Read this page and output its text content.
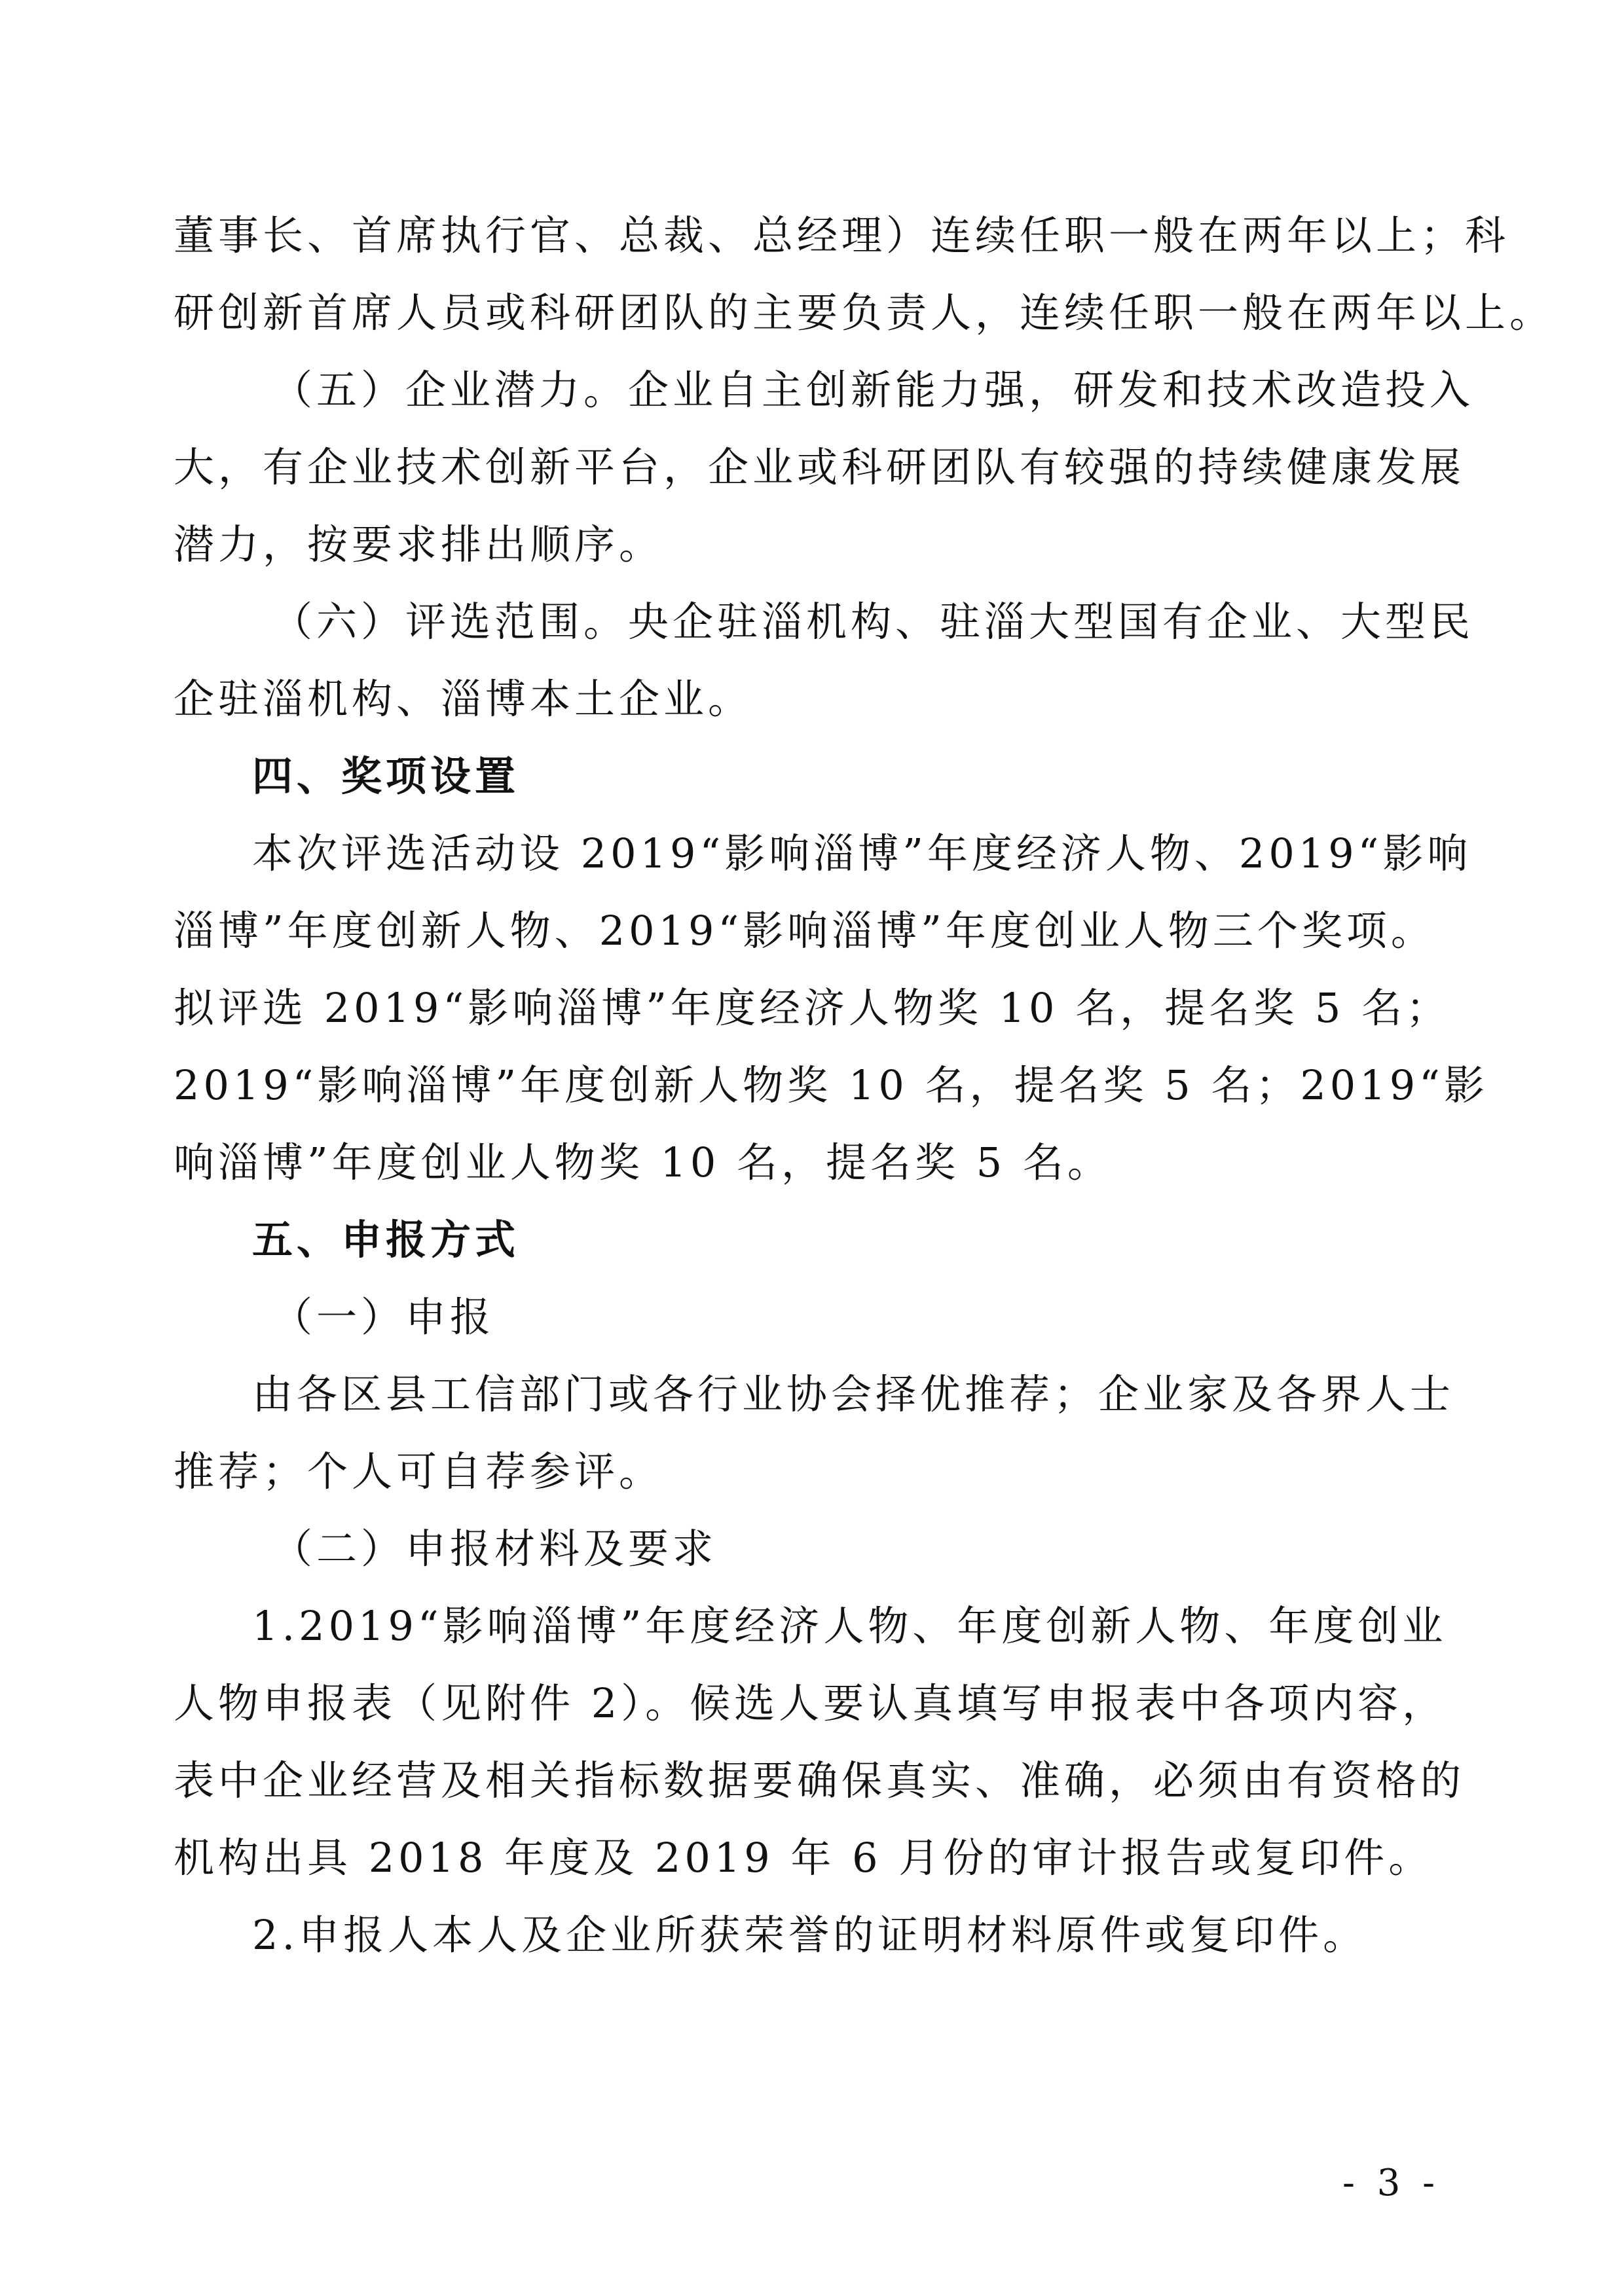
董事长、首席执行官、总裁、总经理）连续任职一般在两年以上；科
研创新首席人员或科研团队的主要负责人，连续任职一般在两年以上。
（五）企业潜力。企业自主创新能力强，研发和技术改造投入
大，有企业技术创新平台，企业或科研团队有较强的持续健康发展
潜力，按要求排出顺序。
（六）评选范围。央企驻淄机构、驻淄大型国有企业、大型民
企驻淄机构、淄博本土企业。
四、奖项设置
本次评选活动设 2019“影响淄博”年度经济人物、2019“影响
淄博”年度创新人物、2019“影响淄博”年度创业人物三个奖项。
拟评选 2019“影响淄博”年度经济人物奖 10 名，提名奖 5 名；
2019“影响淄博”年度创新人物奖 10 名，提名奖 5 名；2019“影
响淄博”年度创业人物奖 10 名，提名奖 5 名。
五、申报方式
（一）申报
由各区县工信部门或各行业协会择优推荐；企业家及各界人士
推荐；个人可自荐参评。
（二）申报材料及要求
1.2019“影响淄博”年度经济人物、年度创新人物、年度创业
人物申报表（见附件 2）。候选人要认真填写申报表中各项内容，
表中企业经营及相关指标数据要确保真实、准确，必须由有资格的
机构出具 2018 年度及 2019 年 6 月份的审计报告或复印件。
2.申报人本人及企业所获荣誉的证明材料原件或复印件。
- 3 -
